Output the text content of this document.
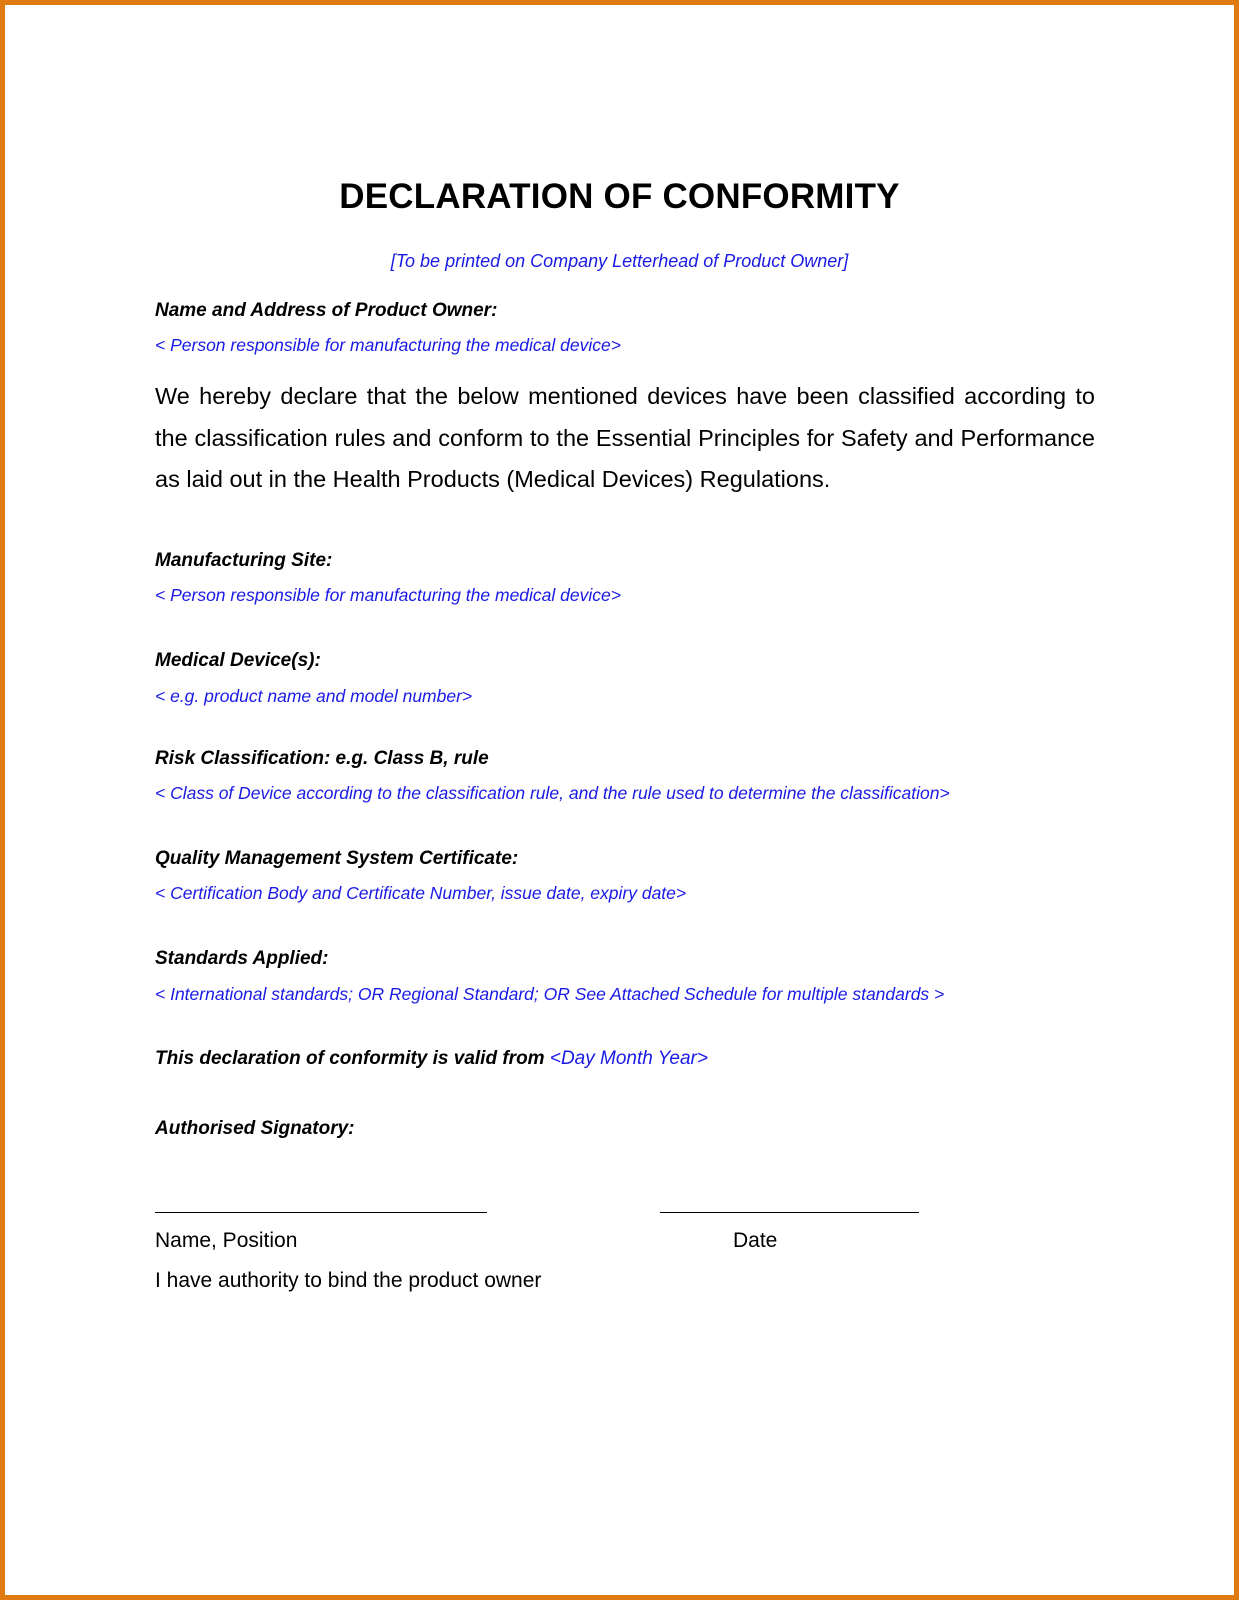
DECLARATION OF CONFORMITY
[To be printed on Company Letterhead of Product Owner]
Name and Address of Product Owner:
< Person responsible for manufacturing the medical device>
We hereby declare that the below mentioned devices have been classified according to the classification rules and conform to the Essential Principles for Safety and Performance as laid out in the Health Products (Medical Devices) Regulations.
Manufacturing Site:
< Person responsible for manufacturing the medical device>
Medical Device(s):
< e.g. product name and model number>
Risk Classification: e.g. Class B, rule
< Class of Device according to the classification rule, and the rule used to determine the classification>
Quality Management System Certificate:
< Certification Body and Certificate Number, issue date, expiry date>
Standards Applied:
< International standards; OR Regional Standard; OR See Attached Schedule for multiple standards >
This declaration of conformity is valid from <Day Month Year>
Authorised Signatory:
Name, Position	Date
I have authority to bind the product owner
